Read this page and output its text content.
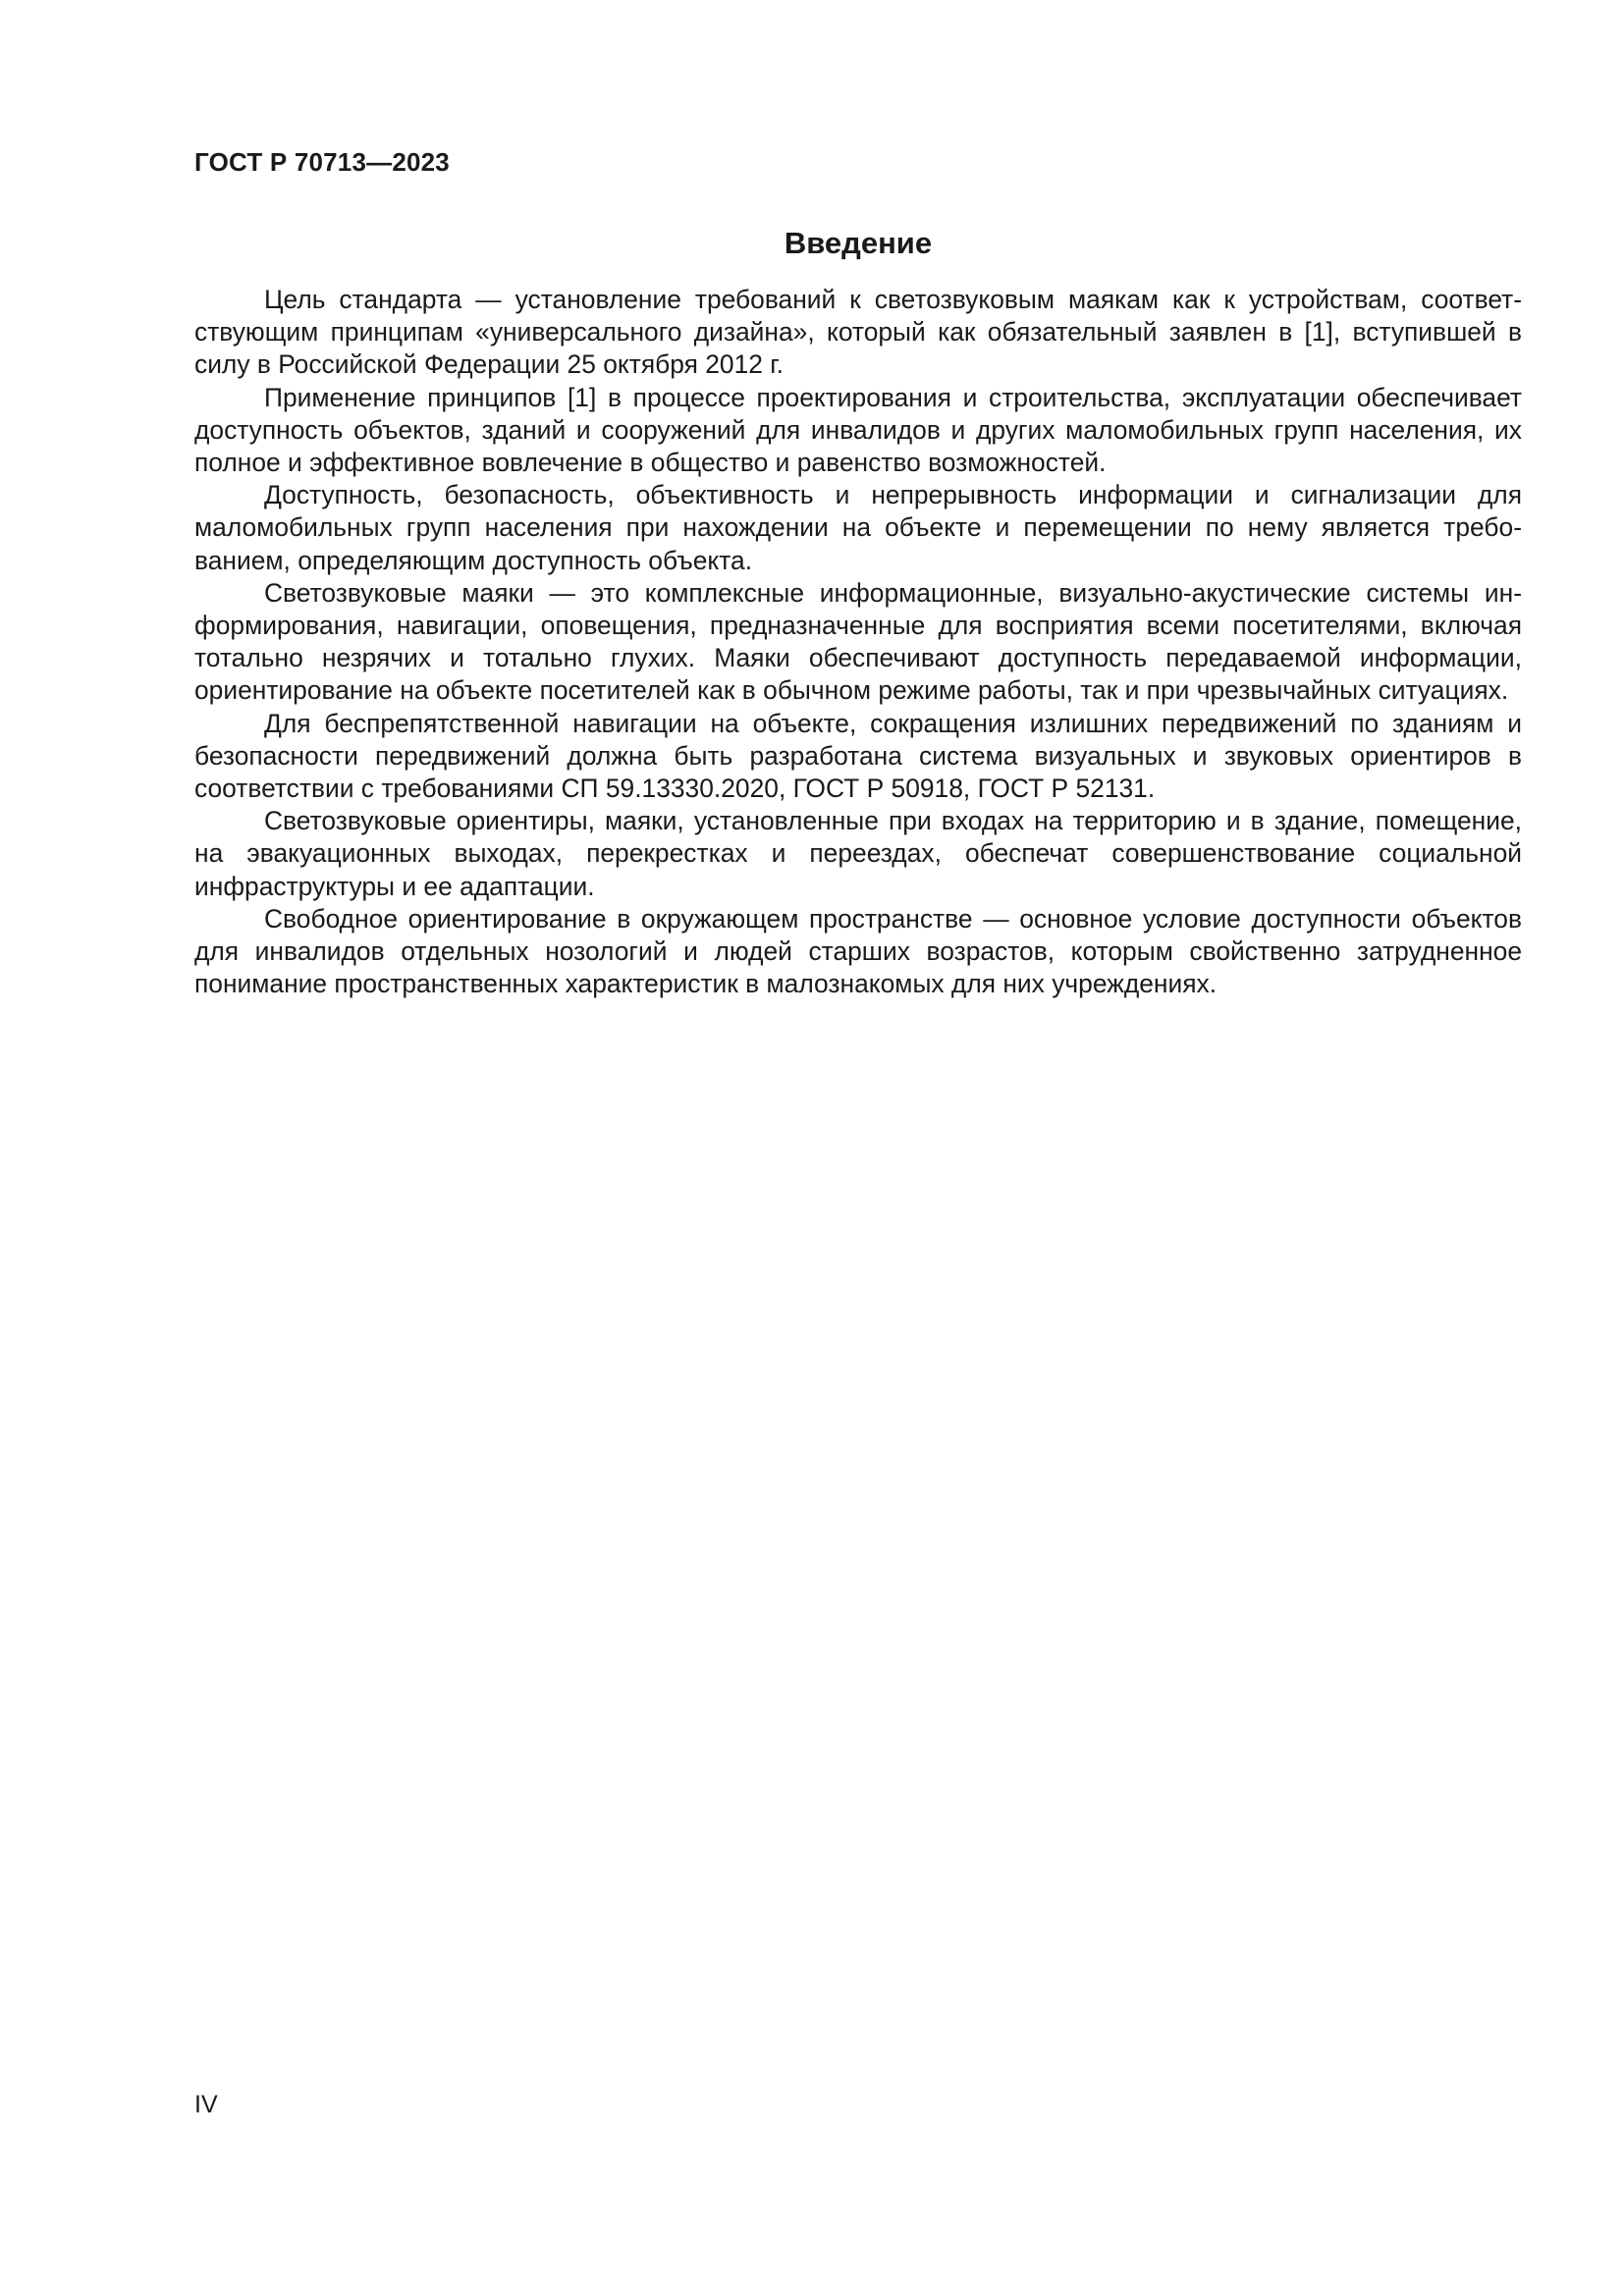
ГОСТ Р 70713—2023
Введение

Цель стандарта — установление требований к светозвуковым маякам как к устройствам, соответствующим принципам «универсального дизайна», который как обязательный заявлен в [1], вступившей в силу в Российской Федерации 25 октября 2012 г.

Применение принципов [1] в процессе проектирования и строительства, эксплуатации обеспечивает доступность объектов, зданий и сооружений для инвалидов и других маломобильных групп населения, их полное и эффективное вовлечение в общество и равенство возможностей.

Доступность, безопасность, объективность и непрерывность информации и сигнализации для маломобильных групп населения при нахождении на объекте и перемещении по нему является требованием, определяющим доступность объекта.

Светозвуковые маяки — это комплексные информационные, визуально-акустические системы информирования, навигации, оповещения, предназначенные для восприятия всеми посетителями, включая тотально незрячих и тотально глухих. Маяки обеспечивают доступность передаваемой информации, ориентирование на объекте посетителей как в обычном режиме работы, так и при чрезвычайных ситуациях.

Для беспрепятственной навигации на объекте, сокращения излишних передвижений по зданиям и безопасности передвижений должна быть разработана система визуальных и звуковых ориентиров в соответствии с требованиями СП 59.13330.2020, ГОСТ Р 50918, ГОСТ Р 52131.

Светозвуковые ориентиры, маяки, установленные при входах на территорию и в здание, помещение, на эвакуационных выходах, перекрестках и переездах, обеспечат совершенствование социальной инфраструктуры и ее адаптации.

Свободное ориентирование в окружающем пространстве — основное условие доступности объектов для инвалидов отдельных нозологий и людей старших возрастов, которым свойственно затрудненное понимание пространственных характеристик в малознакомых для них учреждениях.

IV
